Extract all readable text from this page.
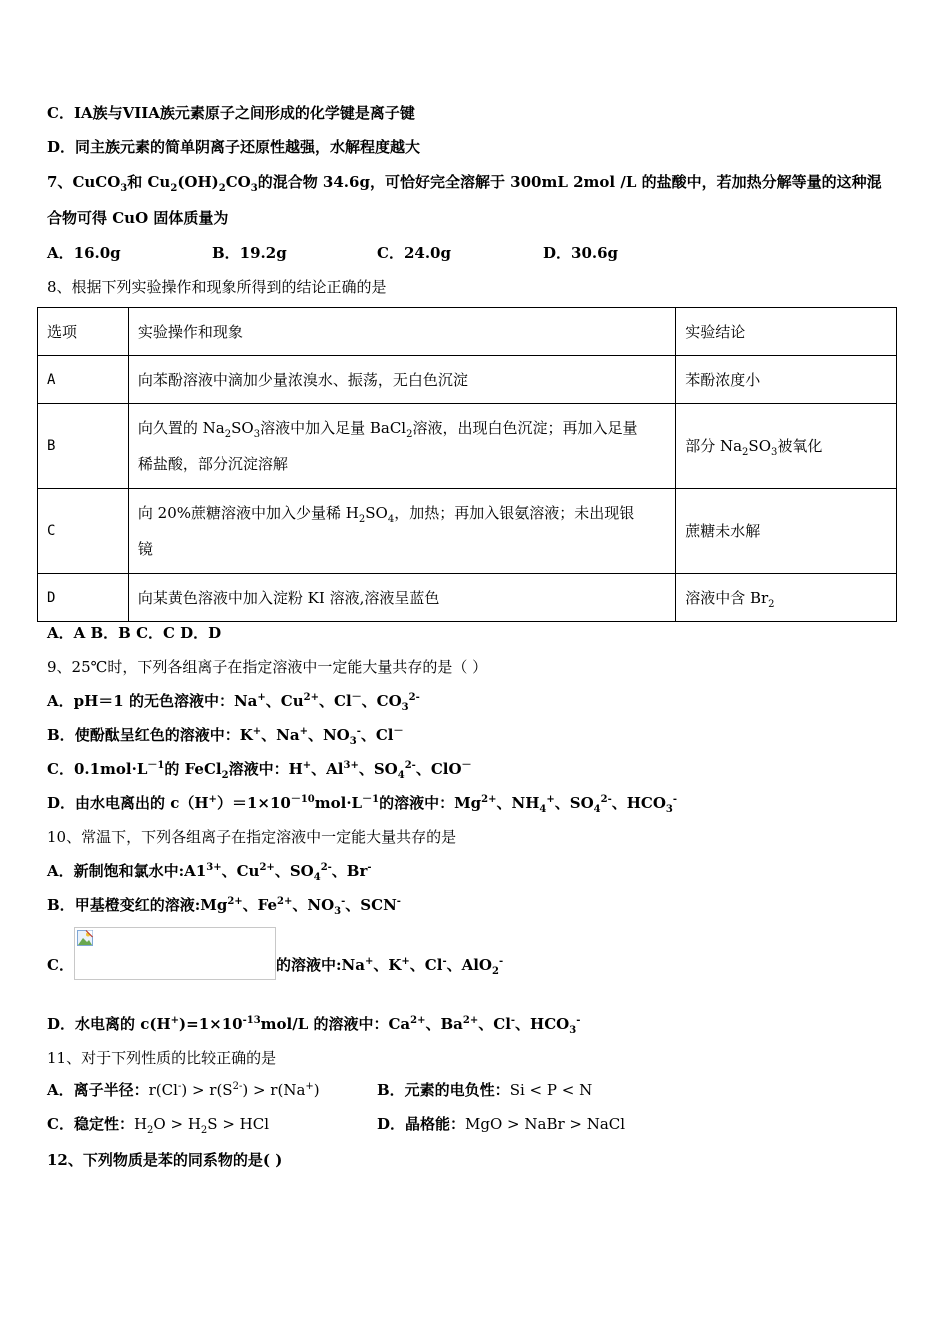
C．IA族与VIIA族元素原子之间形成的化学键是离子键
D．同主族元素的简单阴离子还原性越强，水解程度越大
7、CuCO$_3$和 $Cu_2(OH)_2CO_3$的混合物 34.6g，可恰好完全溶解于 300mL 2mol /L 的盐酸中，若加热分解等量的这种混
合物可得 CuO 固体质量为
A．16.0g	B．19.2g	C．24.0g	D．30.6g
8、根据下列实验操作和现象所得到的结论正确的是
选项	实验操作和现象	实验结论
A	向苯酚溶液中滴加少量浓溴水、振荡，无白色沉淀	苯酚浓度小
B	向久置的 $Na_2SO_3$溶液中加入足量 BaCl$_2$溶液，出现白色沉淀；再加入足量
稀盐酸，部分沉淀溶解	部分 $Na_2SO_3$被氧化
C	向 20%蔗糖溶液中加入少量稀 $H_2SO_4$，加热；再加入银氨溶液；未出现银
镜	蔗糖未水解
D	向某黄色溶液中加入淀粉 KI 溶液,溶液呈蓝色	溶液中含 $Br_2$
A．A B．B C．C D．D
9、25℃时，下列各组离子在指定溶液中一定能大量共存的是（ ）
A．pH＝1 的无色溶液中：Na+、$Cu^{2+}$、Cl－、$CO_3^{2-}$
B．使酚酞呈红色的溶液中：K+、Na+、$NO_3^-$、Cl－
C．$0.1mol\cdot L^{-1}$的 FeCl$_2$溶液中：H+、$Al^{3+}$、$SO_4^{2-}$、ClO－
D．由水电离出的 $c(H^+)=1\times 10^{-10}mol\cdot L^{-1}$的溶液中：$Mg^{2+}$、$NH_4^+$、$SO_4^{2-}$、$HCO_3^-$
10、常温下，下列各组离子在指定溶液中一定能大量共存的是
A．新制饱和氯水中$:A1^{3+}$、$Cu^{2+}$、$SO_4^{2-}$、Br-
B．甲基橙变红的溶液$:Mg^{2+}$、$Fe^{2+}$、$NO_3^-$、SCN-
C．	的溶液中:Na+、K+、Cl-、AlO$_2$-
D．水电离的 $c(H^+)=1\times 10^{-13}mol/L$ 的溶液中：$Ca^{2+}$、$Ba^{2+}$、Cl-、$HCO_3^-$
11、对于下列性质的比较正确的是
A．离子半径：$r(Cl^-) > r(S^{2-}) > r(Na^+)$	B．元素的电负性：Si < P < N
C．稳定性：$H_2O > H_2S$ > HCl	D．晶格能：MgO > NaBr > NaCl
12、下列物质是苯的同系物的是( )
